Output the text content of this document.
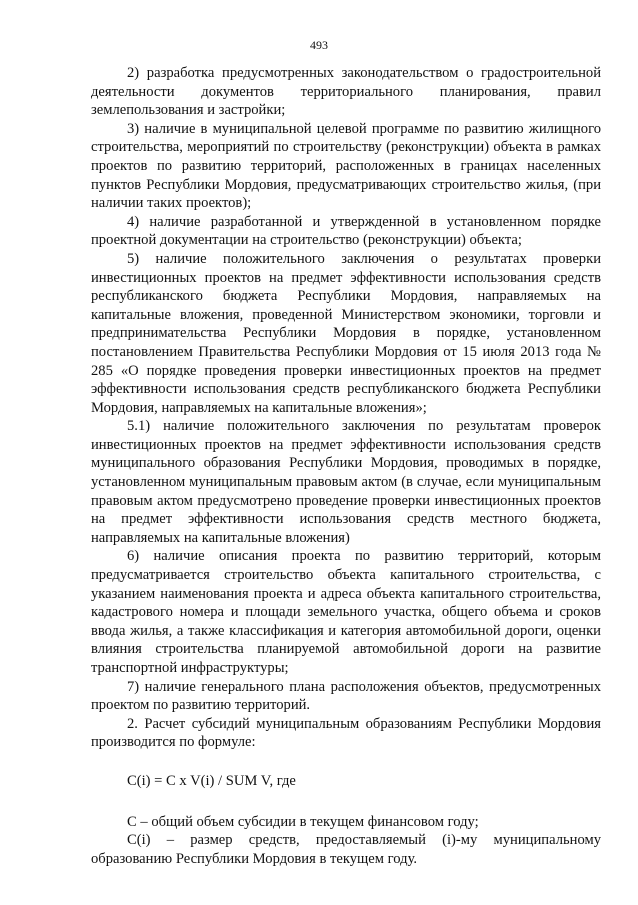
493

2) разработка предусмотренных законодательством о градостроительной деятельности документов территориального планирования, правил землепользования и застройки;

3) наличие в муниципальной целевой программе по развитию жилищного строительства, мероприятий по строительству (реконструкции) объекта в рамках проектов по развитию территорий, расположенных в границах населенных пунктов Республики Мордовия, предусматривающих строительство жилья, (при наличии таких проектов);

4) наличие разработанной и утвержденной в установленном порядке проектной документации на строительство (реконструкции) объекта;

5) наличие положительного заключения о результатах проверки инвестиционных проектов на предмет эффективности использования средств республиканского бюджета Республики Мордовия, направляемых на капитальные вложения, проведенной Министерством экономики, торговли и предпринимательства Республики Мордовия в порядке, установленном постановлением Правительства Республики Мордовия от 15 июля 2013 года № 285 «О порядке проведения проверки инвестиционных проектов на предмет эффективности использования средств республиканского бюджета Республики Мордовия, направляемых на капитальные вложения»;

5.1) наличие положительного заключения по результатам проверок инвестиционных проектов на предмет эффективности использования средств муниципального образования Республики Мордовия, проводимых в порядке, установленном муниципальным правовым актом (в случае, если муниципальным правовым актом предусмотрено проведение проверки инвестиционных проектов на предмет эффективности использования средств местного бюджета, направляемых на капитальные вложения)

6) наличие описания проекта по развитию территорий, которым предусматривается строительство объекта капитального строительства, с указанием наименования проекта и адреса объекта капитального строительства, кадастрового номера и площади земельного участка, общего объема и сроков ввода жилья, а также классификация и категория автомобильной дороги, оценки влияния строительства планируемой автомобильной дороги на развитие транспортной инфраструктуры;

7) наличие генерального плана расположения объектов, предусмотренных проектом по развитию территорий.

2. Расчет субсидий муниципальным образованиям Республики Мордовия производится по формуле:

C(i) = C x V(i) / SUM V, где

C – общий объем субсидии в текущем финансовом году;

C(i) – размер средств, предоставляемый (i)-му муниципальному образованию Республики Мордовия в текущем году.
